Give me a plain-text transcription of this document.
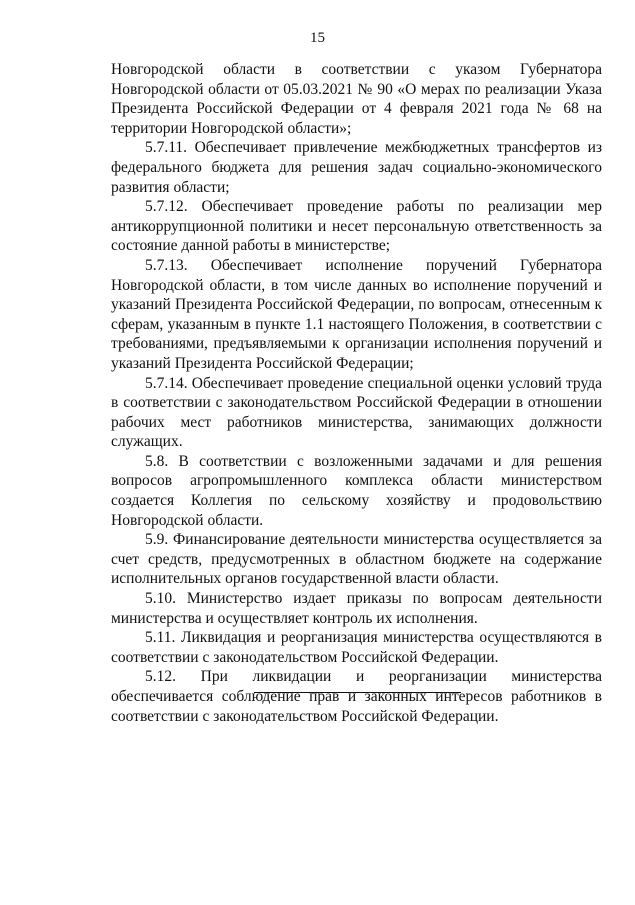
15

Новгородской области в соответствии с указом Губернатора Новгородской области от 05.03.2021 № 90 «О мерах по реализации Указа Президента Российской Федерации от 4 февраля 2021 года № 68 на территории Новгородской области»;

5.7.11. Обеспечивает привлечение межбюджетных трансфертов из федерального бюджета для решения задач социально-экономического развития области;

5.7.12. Обеспечивает проведение работы по реализации мер антикоррупционной политики и несет персональную ответственность за состояние данной работы в министерстве;

5.7.13. Обеспечивает исполнение поручений Губернатора Новгородской области, в том числе данных во исполнение поручений и указаний Президента Российской Федерации, по вопросам, отнесенным к сферам, указанным в пункте 1.1 настоящего Положения, в соответствии с требованиями, предъявляемыми к организации исполнения поручений и указаний Президента Российской Федерации;

5.7.14. Обеспечивает проведение специальной оценки условий труда в соответствии с законодательством Российской Федерации в отношении рабочих мест работников министерства, занимающих должности служащих.

5.8. В соответствии с возложенными задачами и для решения вопросов агропромышленного комплекса области министерством создается Коллегия по сельскому хозяйству и продовольствию Новгородской области.

5.9. Финансирование деятельности министерства осуществляется за счет средств, предусмотренных в областном бюджете на содержание исполнительных органов государственной власти области.

5.10. Министерство издает приказы по вопросам деятельности министерства и осуществляет контроль их исполнения.

5.11. Ликвидация и реорганизация министерства осуществляются в соответствии с законодательством Российской Федерации.

5.12. При ликвидации и реорганизации министерства обеспечивается соблюдение прав и законных интересов работников в соответствии с законодательством Российской Федерации.
